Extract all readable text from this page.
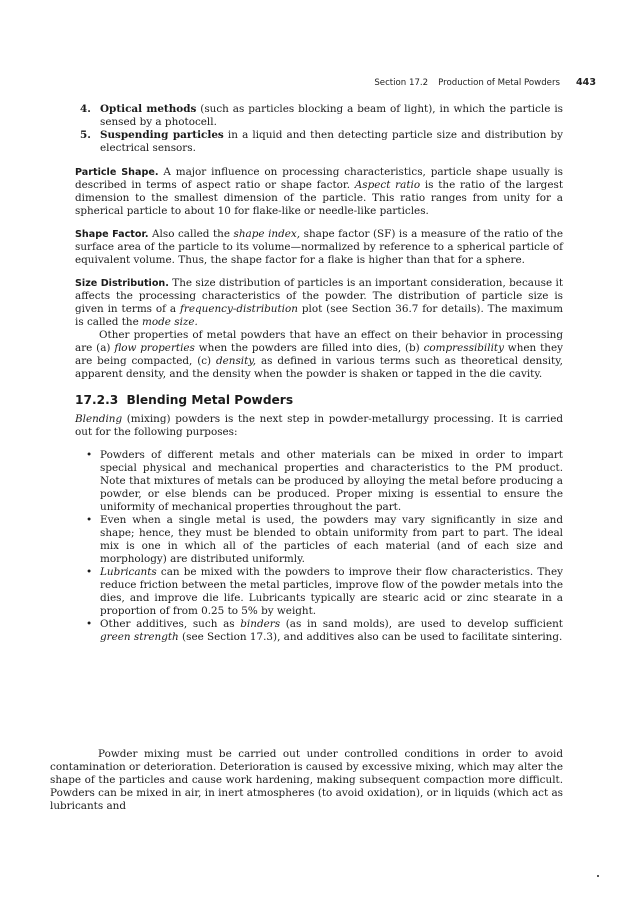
Section 17.2 Production of Metal Powders 443
4. Optical methods (such as particles blocking a beam of light), in which the particle is sensed by a photocell.
5. Suspending particles in a liquid and then detecting particle size and distribution by electrical sensors.

Particle Shape. A major influence on processing characteristics, particle shape usually is described in terms of aspect ratio or shape factor. Aspect ratio is the ratio of the largest dimension to the smallest dimension of the particle. This ratio ranges from unity for a spherical particle to about 10 for flake-like or needle-like particles.

Shape Factor. Also called the shape index, shape factor (SF) is a measure of the ratio of the surface area of the particle to its volume—normalized by reference to a spherical particle of equivalent volume. Thus, the shape factor for a flake is higher than that for a sphere.

Size Distribution. The size distribution of particles is an important consideration, because it affects the processing characteristics of the powder. The distribution of particle size is given in terms of a frequency-distribution plot (see Section 36.7 for details). The maximum is called the mode size.

Other properties of metal powders that have an effect on their behavior in processing are (a) flow properties when the powders are filled into dies, (b) compressibility when they are being compacted, (c) density, as defined in various terms such as theoretical density, apparent density, and the density when the powder is shaken or tapped in the die cavity.

17.2.3 Blending Metal Powders

Blending (mixing) powders is the next step in powder-metallurgy processing. It is carried out for the following purposes:

• Powders of different metals and other materials can be mixed in order to impart special physical and mechanical properties and characteristics to the PM product. Note that mixtures of metals can be produced by alloying the metal before producing a powder, or else blends can be produced. Proper mixing is essential to ensure the uniformity of mechanical properties throughout the part.
• Even when a single metal is used, the powders may vary significantly in size and shape; hence, they must be blended to obtain uniformity from part to part. The ideal mix is one in which all of the particles of each material (and of each size and morphology) are distributed uniformly.
• Lubricants can be mixed with the powders to improve their flow characteristics. They reduce friction between the metal particles, improve flow of the powder metals into the dies, and improve die life. Lubricants typically are stearic acid or zinc stearate in a proportion of from 0.25 to 5% by weight.
• Other additives, such as binders (as in sand molds), are used to develop sufficient green strength (see Section 17.3), and additives also can be used to facilitate sintering.

Powder mixing must be carried out under controlled conditions in order to avoid contamination or deterioration. Deterioration is caused by excessive mixing, which may alter the shape of the particles and cause work hardening, making subsequent compaction more difficult. Powders can be mixed in air, in inert atmospheres (to avoid oxidation), or in liquids (which act as lubricants and
